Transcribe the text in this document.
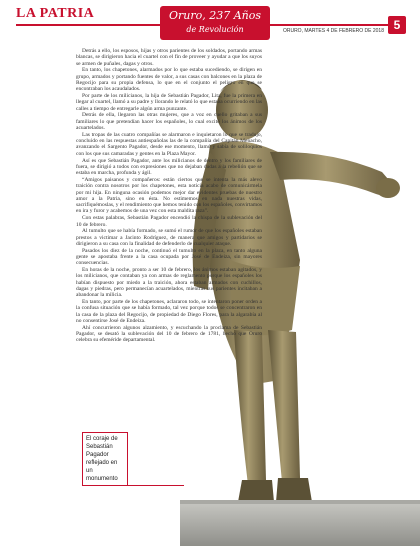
LA PATRIA	Oruro, 237 Años
de Revolución	ORURO, MARTES 4 DE FEBRERO DE 2018 5

Detrás a ello, los esposos, hijas y otros parientes de los soldados, portando armas blancas, se dirigieron hacia el cuartel con el fin de proveer y ayudar a que los suyos se armen de puñales, dagas y otros.

En tanto, los chapetones, alarmados por lo que estaba sucediendo, se dirigen en grupo, armados y portando fuentes de valor, a sus casas con balcones en la plaza de Regocijo para su propia defensa, lo que en el conjunto el peligro en que se encontraban los acaudalados.

Por parte de los milicianos, la hija de Sebastián Pagador, Lita, fue la primera en llegar al cuartel, llamó a su padre y llorando le relató lo que estaba ocurriendo en las calles a tiempo de entregarle algún arma punzante.

Detrás de ella, llegaron las otras mujeres, que a voz en cuello gritaban a sus familiares lo que pretendían hacer los españoles, lo cual excitó los ánimos de los acuartelados.

Las tropas de las cuatro compañías se alarmaron e inquietaron lo que se tradujo, concluido en las respuestas antiespañolas las de la compañía del Capitán Menacho, avanzando el Sargento Pagador, desde ese momento, llamó y sabía de soliloquios con los que sus camaradas y gentes en la Plaza Mayor.

Así es que Sebastián Pagador, ante los milicianos de dentro y los familiares de fuera, se dirigió a todos con expresiones que no dejaban dudas a la rebelión que se estaba en marcha, profunda y ágil.

“Amigos paisanos y compañeros: están ciertos que se intenta la más alevo traición contra nosotros por los chapetones, esta noticia acabo de comunicármela por mi hija. En ninguna ocasión podemos mejor dar evidentes pruebas de nuestro amor a la Patria, sino en ésta. No estimemos en nada nuestras vidas, sacrifiquémoslas, y el rendimiento que hemos tenido con los españoles, convirtamos en ira y furor y acabemos de una vez con esta maldita raza”.

Con estas palabras, Sebastián Pagador encendió la chispa de la sublevación del 10 de febrero.

Al tumulto que se había formado, se sumó el rumor de que los españoles estaban prestos a victimar a Jacinto Rodríguez, de manera que amigos y partidarios se dirigieron a su casa con la finalidad de defenderlo de cualquier ataque.

Pasados los diez de la noche, continuó el tumulto en la plaza, en tanto alguna gente se apostaba frente a la casa ocupada por José de Endeiza, sin mayores consecuencias.

En horas de la noche, pronto a ser 10 de febrero, los ánimos estaban agitados, y los milicianos, que contaban ya con armas de reglamento porque los españoles los habían dispuesto por miedo a la traición, ahora estaban armados con cuchillos, dagas y piedras, pero permanecían acuartelados, mientras sus parientes incitaban a abandonar la milicia.

En tanto, por parte de los chapetones, aclararon todo, se intentaron poner orden a la confusa situación que se había formado, tal vez porque todos se concentraron en la casa de la plaza del Regocijo, de propiedad de Diego Flores, para la algarabía al no consentirse José de Endeiza.

Ahí concurrieron algunos alzamiento, y escuchando la proclama de Sebastián Pagador, se desató la sublevación del 10 de febrero de 1781, hecho que Oruro celebra su efeméride departamental.

El coraje de Sebastián Pagador reflejado en un monumento
